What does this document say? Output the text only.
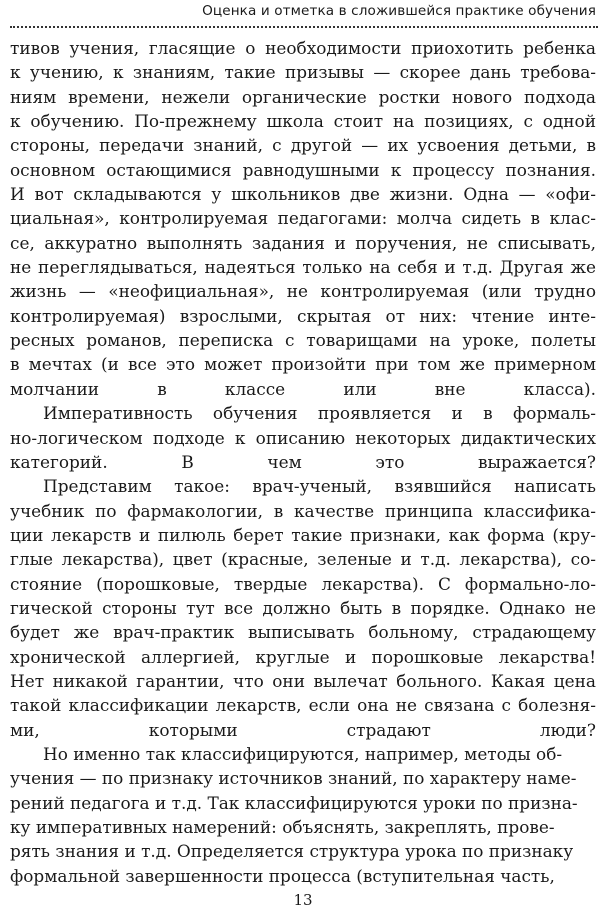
Оценка и отметка в сложившейся практике обучения

тивов учения, гласящие о необходимости приохотить ребенка
к учению, к знаниям, такие призывы — скорее дань требова-
ниям времени, нежели органические ростки нового подхода
к обучению. По-прежнему школа стоит на позициях, с одной
стороны, передачи знаний, с другой — их усвоения детьми, в
основном остающимися равнодушными к процессу познания.
И вот складываются у школьников две жизни. Одна — «офи-
циальная», контролируемая педагогами: молча сидеть в клас-
се, аккуратно выполнять задания и поручения, не списывать,
не переглядываться, надеяться только на себя и т.д. Другая же
жизнь — «неофициальная», не контролируемая (или трудно
контролируемая) взрослыми, скрытая от них: чтение инте-
ресных романов, переписка с товарищами на уроке, полеты
в мечтах (и все это может произойти при том же примерном
молчании в классе или вне класса).

Императивность обучения проявляется и в формаль-
но-логическом подходе к описанию некоторых дидактических
категорий. В чем это выражается?

Представим такое: врач-ученый, взявшийся написать
учебник по фармакологии, в качестве принципа классифика-
ции лекарств и пилюль берет такие признаки, как форма (кру-
глые лекарства), цвет (красные, зеленые и т.д. лекарства), со-
стояние (порошковые, твердые лекарства). С формально-ло-
гической стороны тут все должно быть в порядке. Однако не
будет же врач-практик выписывать больному, страдающему
хроничеcкой аллергией, круглые и порошковые лекарства!
Нет никакой гарантии, что они вылечат больного. Какая цена
такой классификации лекарств, если она не связана с болезня-
ми, которыми страдают люди?

Но именно так классифицируются, например, методы об-
учения — по признаку источников знаний, по характеру наме-
рений педагога и т.д. Так классифицируются уроки по призна-
ку императивных намерений: объяснять, закреплять, прове-
рять знания и т.д. Определяется структура урока по признаку
формальной завершенности процесса (вступительная часть,

13
